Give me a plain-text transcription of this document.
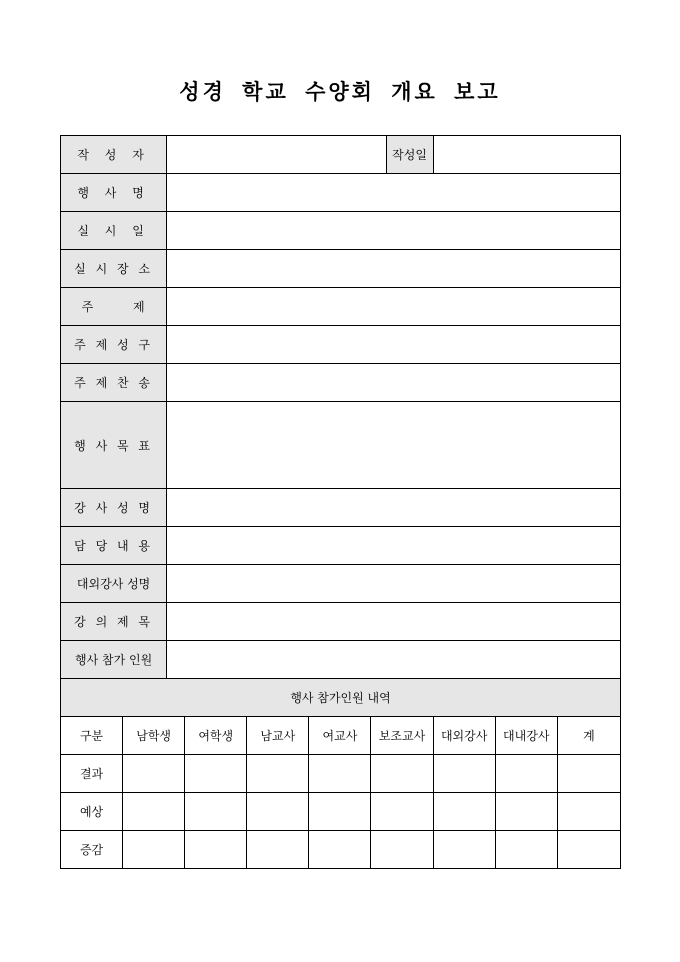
성경 학교 수양회 개요 보고
작 성 자							작성일			
행 사 명										
실 시 일										
실 시 장 소										
주 제										
주 제 성 구										
주 제 찬 송										
행 사 목 표										
강 사 성 명										
담 당 내 용										
대외강사 성명										
강 의 제 목										
행사 참가 인원										
행사 참가인원 내역										
구분	남학생		여학생	남교사	여교사	보조교사		대외강사	대내강사	계
결과										
예상										
증감										
